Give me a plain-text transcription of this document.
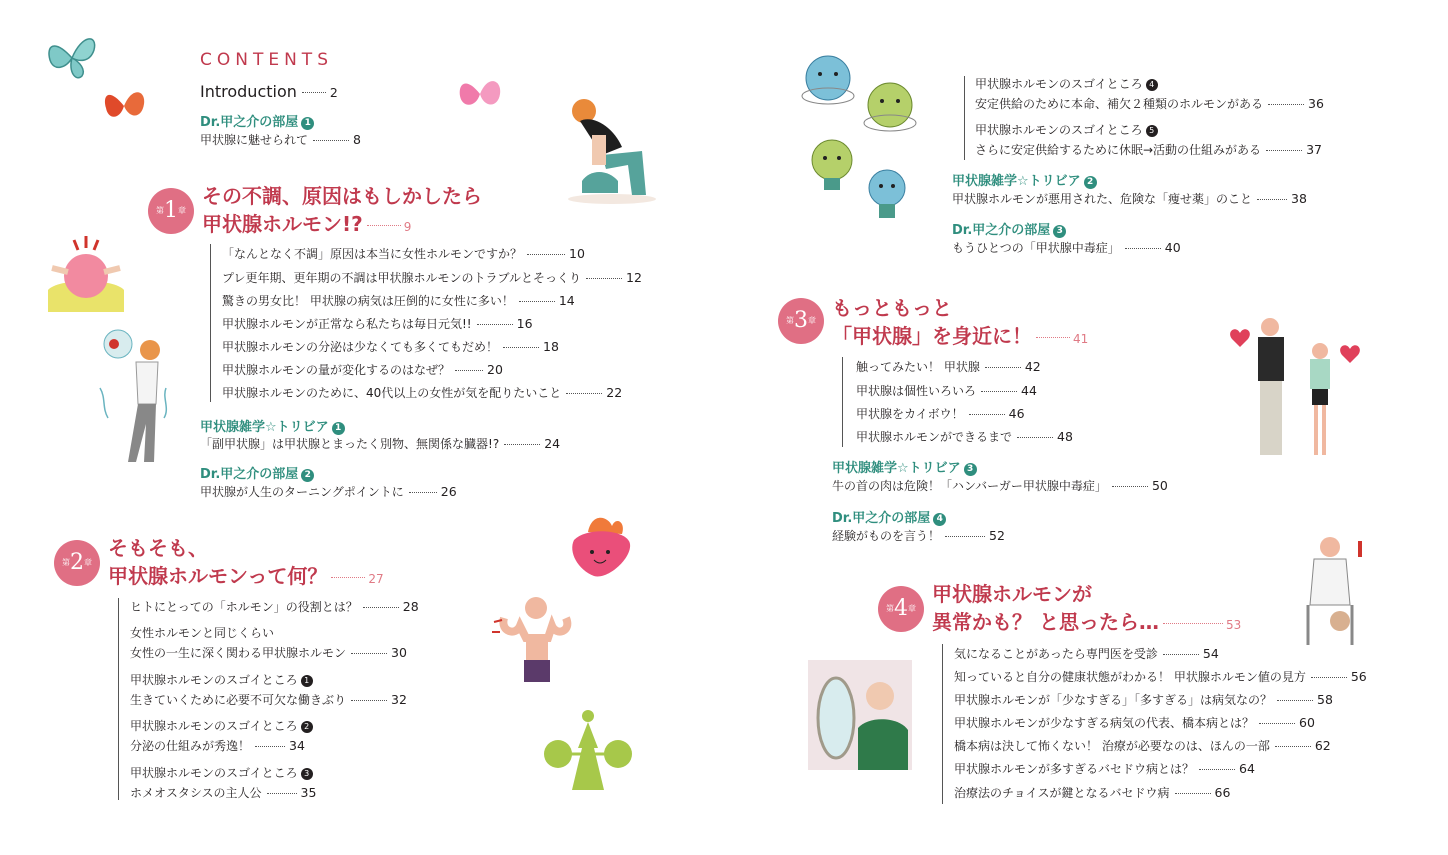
CONTENTS
Introduction	2
Dr.甲之介の部屋 1
甲状腺に魅せられて	8
第1章
その不調、原因はもしかしたら
甲状腺ホルモン!?	9
「なんとなく不調」原因は本当に女性ホルモンですか？	10
プレ更年期、更年期の不調は甲状腺ホルモンのトラブルとそっくり	12
驚きの男女比！ 甲状腺の病気は圧倒的に女性に多い！	14
甲状腺ホルモンが正常なら私たちは毎日元気!!	16
甲状腺ホルモンの分泌は少なくても多くてもだめ！	18
甲状腺ホルモンの量が変化するのはなぜ？	20
甲状腺ホルモンのために、40代以上の女性が気を配りたいこと	22
甲状腺雑学☆トリビア 1
「副甲状腺」は甲状腺とまったく別物、無関係な臓器!?	24
Dr.甲之介の部屋 2
甲状腺が人生のターニングポイントに	26
第2章
そもそも、
甲状腺ホルモンって何？	27
ヒトにとっての「ホルモン」の役割とは？	28
女性ホルモンと同じくらい
女性の一生に深く関わる甲状腺ホルモン	30
甲状腺ホルモンのスゴイところ 1
生きていくために必要不可欠な働きぶり	32
甲状腺ホルモンのスゴイところ 2
分泌の仕組みが秀逸！	34
甲状腺ホルモンのスゴイところ 3
ホメオスタシスの主人公	35
甲状腺ホルモンのスゴイところ 4
安定供給のために本命、補欠２種類のホルモンがある	36
甲状腺ホルモンのスゴイところ 5
さらに安定供給するために休眠→活動の仕組みがある	37
甲状腺雑学☆トリビア 2
甲状腺ホルモンが悪用された、危険な「痩せ薬」のこと	38
Dr.甲之介の部屋 3
もうひとつの「甲状腺中毒症」	40
第3章
もっともっと
「甲状腺」を身近に！	41
触ってみたい！ 甲状腺	42
甲状腺は個性いろいろ	44
甲状腺をカイボウ！	46
甲状腺ホルモンができるまで	48
甲状腺雑学☆トリビア 3
牛の首の肉は危険！「ハンバーガー甲状腺中毒症」	50
Dr.甲之介の部屋 4
経験がものを言う！	52
第4章
甲状腺ホルモンが
異常かも？ と思ったら…	53
気になることがあったら専門医を受診	54
知っていると自分の健康状態がわかる！ 甲状腺ホルモン値の見方	56
甲状腺ホルモンが「少なすぎる」「多すぎる」は病気なの？	58
甲状腺ホルモンが少なすぎる病気の代表、橋本病とは？	60
橋本病は決して怖くない！ 治療が必要なのは、ほんの一部	62
甲状腺ホルモンが多すぎるバセドウ病とは？	64
治療法のチョイスが鍵となるバセドウ病	66
